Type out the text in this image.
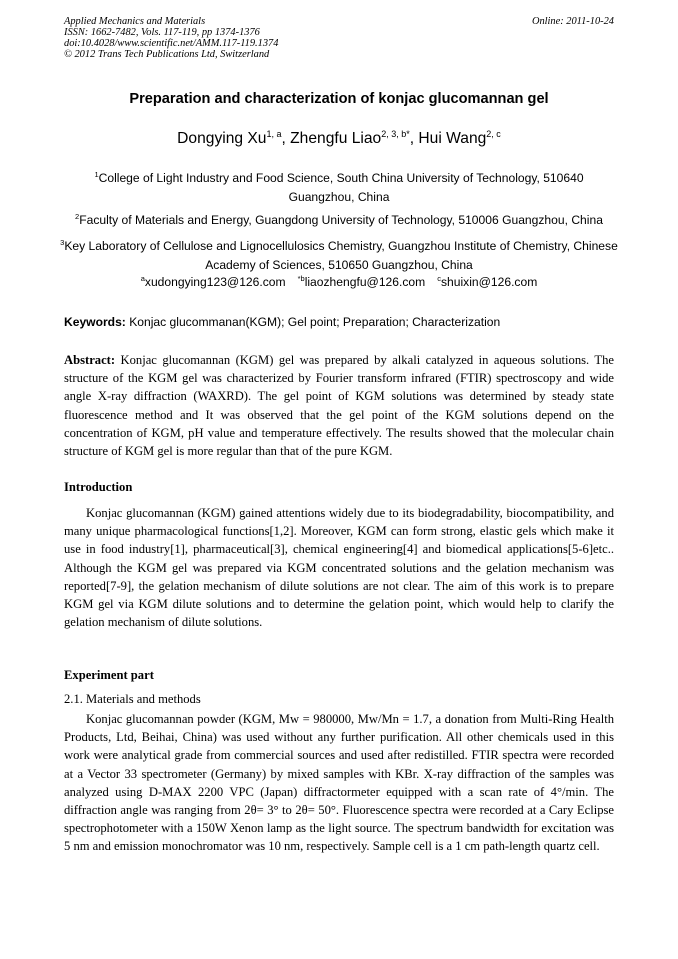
Applied Mechanics and Materials
ISSN: 1662-7482, Vols. 117-119, pp 1374-1376
doi:10.4028/www.scientific.net/AMM.117-119.1374
© 2012 Trans Tech Publications Ltd, Switzerland
Online: 2011-10-24
Preparation and characterization of konjac glucomannan gel
Dongying Xu$^{1, a}$, Zhengfu Liao$^{2, 3, b*}$, Hui Wang$^{2, c}$
$^1$College of Light Industry and Food Science, South China University of Technology, 510640 Guangzhou, China
$^2$Faculty of Materials and Energy, Guangdong University of Technology, 510006 Guangzhou, China
$^3$Key Laboratory of Cellulose and Lignocellulosics Chemistry, Guangzhou Institute of Chemistry, Chinese Academy of Sciences, 510650 Guangzhou, China
$^a$xudongying123@126.com $^{*b}$liaozhengfu@126.com $^c$shuixin@126.com
Keywords: Konjac glucommanan(KGM); Gel point; Preparation; Characterization
Abstract: Konjac glucomannan (KGM) gel was prepared by alkali catalyzed in aqueous solutions. The structure of the KGM gel was characterized by Fourier transform infrared (FTIR) spectroscopy and wide angle X-ray diffraction (WAXRD). The gel point of KGM solutions was determined by steady state fluorescence method and It was observed that the gel point of the KGM solutions depend on the concentration of KGM, pH value and temperature effectively. The results showed that the molecular chain structure of KGM gel is more regular than that of the pure KGM.
Introduction
Konjac glucomannan (KGM) gained attentions widely due to its biodegradability, biocompatibility, and many unique pharmacological functions[1,2]. Moreover, KGM can form strong, elastic gels which make it use in food industry[1], pharmaceutical[3], chemical engineering[4] and biomedical applications[5-6]etc.. Although the KGM gel was prepared via KGM concentrated solutions and the gelation mechanism was reported[7-9], the gelation mechanism of dilute solutions are not clear. The aim of this work is to prepare KGM gel via KGM dilute solutions and to determine the gelation point, which would help to clarify the gelation mechanism of dilute solutions.
Experiment part
2.1. Materials and methods
Konjac glucomannan powder (KGM, Mw = 980000, Mw/Mn = 1.7, a donation from Multi-Ring Health Products, Ltd, Beihai, China) was used without any further purification. All other chemicals used in this work were analytical grade from commercial sources and used after redistilled. FTIR spectra were recorded at a Vector 33 spectrometer (Germany) by mixed samples with KBr. X-ray diffraction of the samples was analyzed using D-MAX 2200 VPC (Japan) diffractormeter equipped with a scan rate of 4°/min. The diffraction angle was ranging from 2θ= 3° to 2θ= 50°. Fluorescence spectra were recorded at a Cary Eclipse spectrophotometer with a 150W Xenon lamp as the light source. The spectrum bandwidth for excitation was 5 nm and emission monochromator was 10 nm, respectively. Sample cell is a 1 cm path-length quartz cell.
